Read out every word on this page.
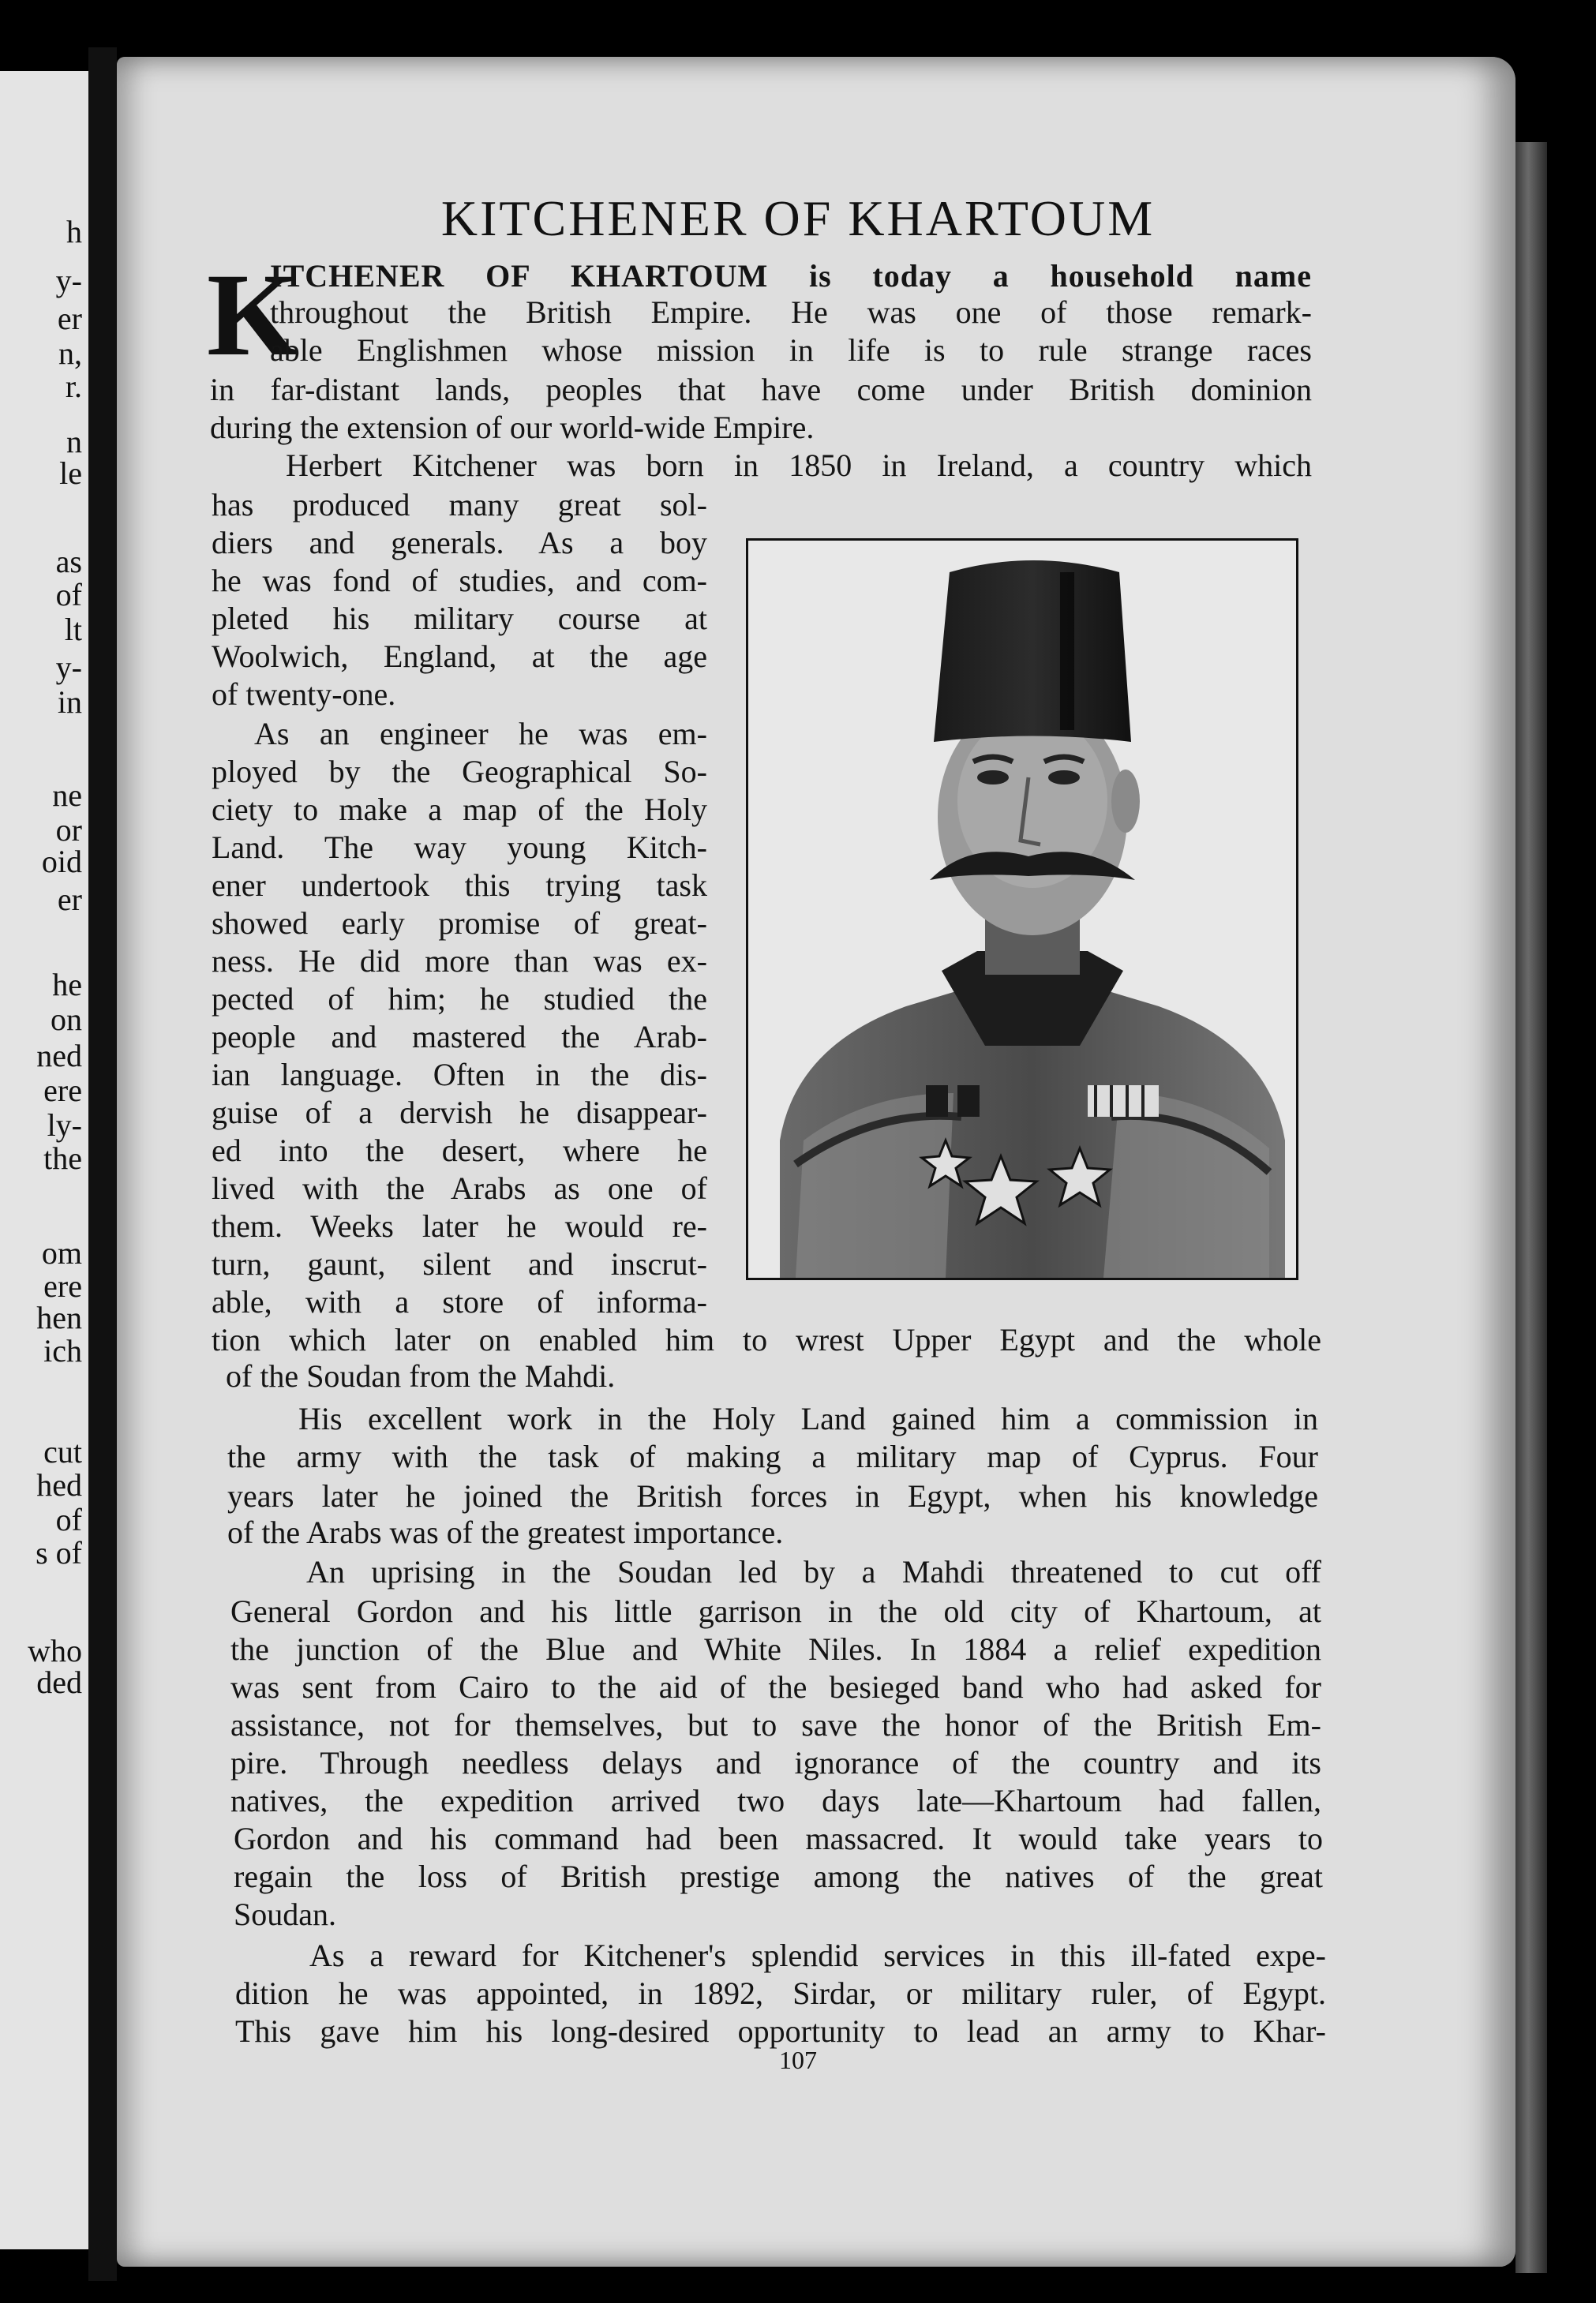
h
y-
er
n,
r.
n
le
as
of
lt
y-
in
ne
or
oid
er
he
on
ned
ere
ly-
the
om
ere
hen
ich
cut
hed
of
s of
who
ded
KITCHENER OF KHARTOUM
K

ITCHENER OF KHARTOUM is today a household name

throughout the British Empire. He was one of those remark-

able Englishmen whose mission in life is to rule strange races

in far-distant lands, peoples that have come under British dominion

during the extension of our world-wide Empire.

Herbert Kitchener was born in 1850 in Ireland, a country which

has produced many great sol-

diers and generals. As a boy

he was fond of studies, and com-

pleted his military course at

Woolwich, England, at the age

of twenty-one.

As an engineer he was em-

ployed by the Geographical So-

ciety to make a map of the Holy

Land. The way young Kitch-

ener undertook this trying task

showed early promise of great-

ness. He did more than was ex-

pected of him; he studied the

people and mastered the Arab-

ian language. Often in the dis-

guise of a dervish he disappear-

ed into the desert, where he

lived with the Arabs as one of

them. Weeks later he would re-

turn, gaunt, silent and inscrut-

able, with a store of informa-

tion which later on enabled him to wrest Upper Egypt and the whole

of the Soudan from the Mahdi.

His excellent work in the Holy Land gained him a commission in

the army with the task of making a military map of Cyprus. Four

years later he joined the British forces in Egypt, when his knowledge

of the Arabs was of the greatest importance.

An uprising in the Soudan led by a Mahdi threatened to cut off

General Gordon and his little garrison in the old city of Khartoum, at

the junction of the Blue and White Niles. In 1884 a relief expedition

was sent from Cairo to the aid of the besieged band who had asked for

assistance, not for themselves, but to save the honor of the British Em-

pire. Through needless delays and ignorance of the country and its

natives, the expedition arrived two days late—Khartoum had fallen,

Gordon and his command had been massacred. It would take years to

regain the loss of British prestige among the natives of the great

Soudan.

As a reward for Kitchener's splendid services in this ill-fated expe-

dition he was appointed, in 1892, Sirdar, or military ruler, of Egypt.

This gave him his long-desired opportunity to lead an army to Khar-

107
